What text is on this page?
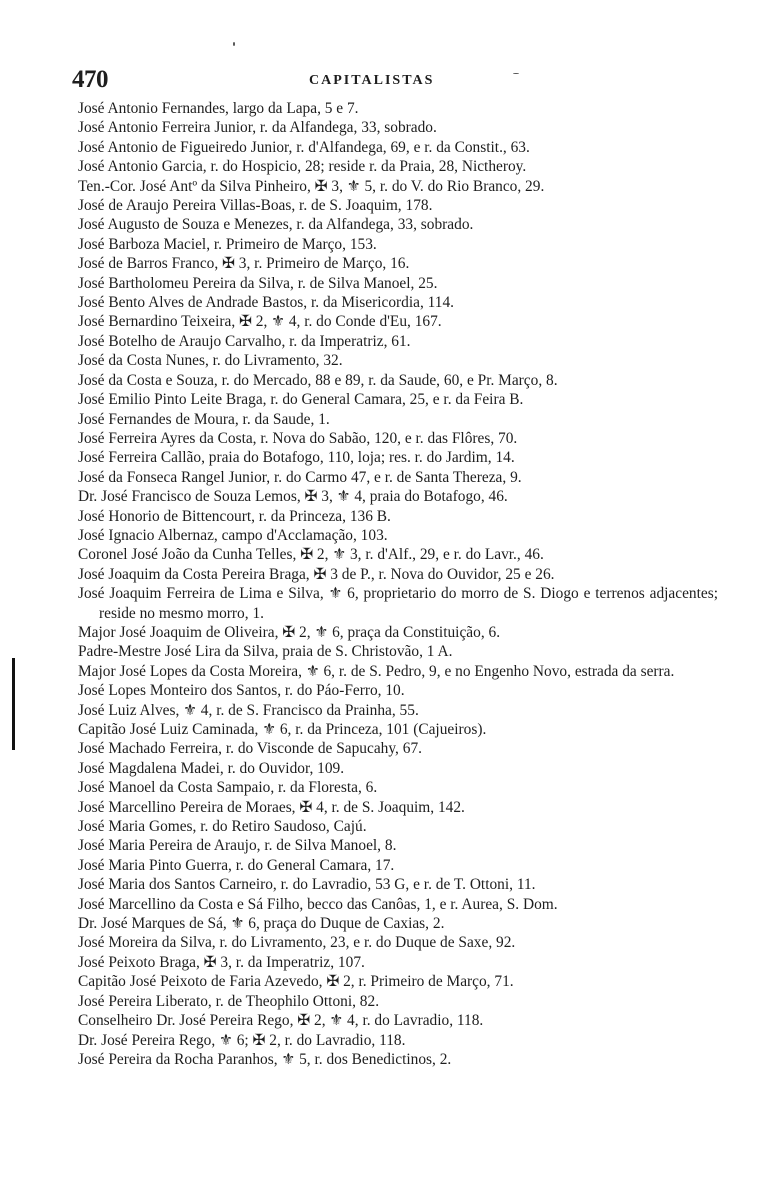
470	CAPITALISTAS
José Antonio Fernandes, largo da Lapa, 5 e 7.
José Antonio Ferreira Junior, r. da Alfandega, 33, sobrado.
José Antonio de Figueiredo Junior, r. d'Alfandega, 69, e r. da Constit., 63.
José Antonio Garcia, r. do Hospicio, 28; reside r. da Praia, 28, Nictheroy.
Ten.-Cor. José Antº da Silva Pinheiro, ✠ 3, ⚜ 5, r. do V. do Rio Branco, 29.
José de Araujo Pereira Villas-Boas, r. de S. Joaquim, 178.
José Augusto de Souza e Menezes, r. da Alfandega, 33, sobrado.
José Barboza Maciel, r. Primeiro de Março, 153.
José de Barros Franco, ✠ 3, r. Primeiro de Março, 16.
José Bartholomeu Pereira da Silva, r. de Silva Manoel, 25.
José Bento Alves de Andrade Bastos, r. da Misericordia, 114.
José Bernardino Teixeira, ✠ 2, ⚜ 4, r. do Conde d'Eu, 167.
José Botelho de Araujo Carvalho, r. da Imperatriz, 61.
José da Costa Nunes, r. do Livramento, 32.
José da Costa e Souza, r. do Mercado, 88 e 89, r. da Saude, 60, e Pr. Março, 8.
José Emilio Pinto Leite Braga, r. do General Camara, 25, e r. da Feira B.
José Fernandes de Moura, r. da Saude, 1.
José Ferreira Ayres da Costa, r. Nova do Sabão, 120, e r. das Flôres, 70.
José Ferreira Callão, praia do Botafogo, 110, loja; res. r. do Jardim, 14.
José da Fonseca Rangel Junior, r. do Carmo 47, e r. de Santa Thereza, 9.
Dr. José Francisco de Souza Lemos, ✠ 3, ⚜ 4, praia do Botafogo, 46.
José Honorio de Bittencourt, r. da Princeza, 136 B.
José Ignacio Albernaz, campo d'Acclamação, 103.
Coronel José João da Cunha Telles, ✠ 2, ⚜ 3, r. d'Alf., 29, e r. do Lavr., 46.
José Joaquim da Costa Pereira Braga, ✠ 3 de P., r. Nova do Ouvidor, 25 e 26.
José Joaquim Ferreira de Lima e Silva, ⚜ 6, proprietario do morro de S. Diogo e terrenos adjacentes; reside no mesmo morro, 1.
Major José Joaquim de Oliveira, ✠ 2, ⚜ 6, praça da Constituição, 6.
Padre-Mestre José Lira da Silva, praia de S. Christovão, 1 A.
Major José Lopes da Costa Moreira, ⚜ 6, r. de S. Pedro, 9, e no Engenho Novo, estrada da serra.
José Lopes Monteiro dos Santos, r. do Páo-Ferro, 10.
José Luiz Alves, ⚜ 4, r. de S. Francisco da Prainha, 55.
Capitão José Luiz Caminada, ⚜ 6, r. da Princeza, 101 (Cajueiros).
José Machado Ferreira, r. do Visconde de Sapucahy, 67.
José Magdalena Madei, r. do Ouvidor, 109.
José Manoel da Costa Sampaio, r. da Floresta, 6.
José Marcellino Pereira de Moraes, ✠ 4, r. de S. Joaquim, 142.
José Maria Gomes, r. do Retiro Saudoso, Cajú.
José Maria Pereira de Araujo, r. de Silva Manoel, 8.
José Maria Pinto Guerra, r. do General Camara, 17.
José Maria dos Santos Carneiro, r. do Lavradio, 53 G, e r. de T. Ottoni, 11.
José Marcellino da Costa e Sá Filho, becco das Canôas, 1, e r. Aurea, S. Dom.
Dr. José Marques de Sá, ⚜ 6, praça do Duque de Caxias, 2.
José Moreira da Silva, r. do Livramento, 23, e r. do Duque de Saxe, 92.
José Peixoto Braga, ✠ 3, r. da Imperatriz, 107.
Capitão José Peixoto de Faria Azevedo, ✠ 2, r. Primeiro de Março, 71.
José Pereira Liberato, r. de Theophilo Ottoni, 82.
Conselheiro Dr. José Pereira Rego, ✠ 2, ⚜ 4, r. do Lavradio, 118.
Dr. José Pereira Rego, ⚜ 6; ✠ 2, r. do Lavradio, 118.
José Pereira da Rocha Paranhos, ⚜ 5, r. dos Benedictinos, 2.
